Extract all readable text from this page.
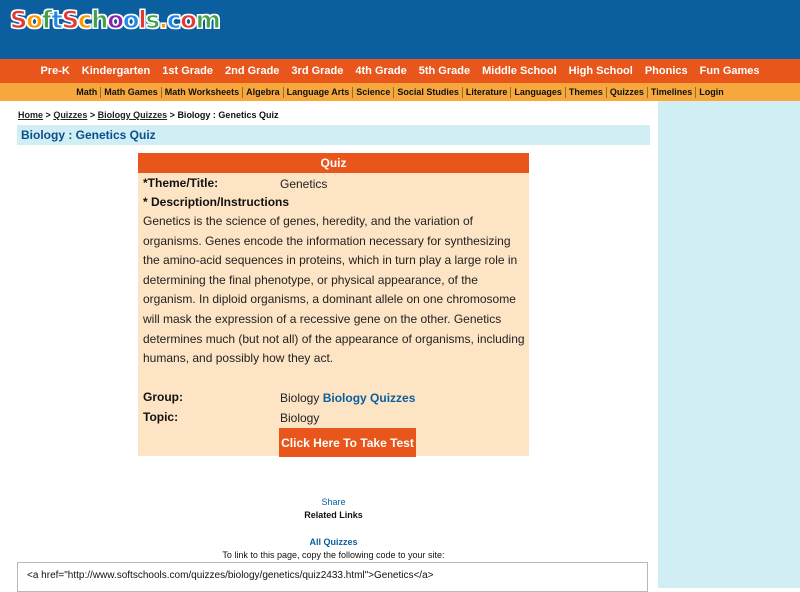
SoftSchools.com
Pre-K	Kindergarten	1st Grade	2nd Grade	3rd Grade	4th Grade	5th Grade	Middle School	High School	Phonics	Fun Games
Math Math Games Math Worksheets Algebra Language Arts Science Social Studies Literature Languages Themes Quizzes Timelines Login
Home > Quizzes > Biology Quizzes > Biology : Genetics Quiz
Biology : Genetics Quiz
Quiz
*Theme/Title:	Genetics
* Description/Instructions
Genetics is the science of genes, heredity, and the variation of organisms. Genes encode the information necessary for synthesizing the amino-acid sequences in proteins, which in turn play a large role in determining the final phenotype, or physical appearance, of the organism. In diploid organisms, a dominant allele on one chromosome will mask the expression of a recessive gene on the other. Genetics determines much (but not all) of the appearance of organisms, including humans, and possibly how they act.
Group:	Biology Biology Quizzes
Topic:	Biology
Click Here To Take Test
Share
Related Links
All Quizzes
To link to this page, copy the following code to your site:
<a href="http://www.softschools.com/quizzes/biology/genetics/quiz2433.html">Genetics</a>
